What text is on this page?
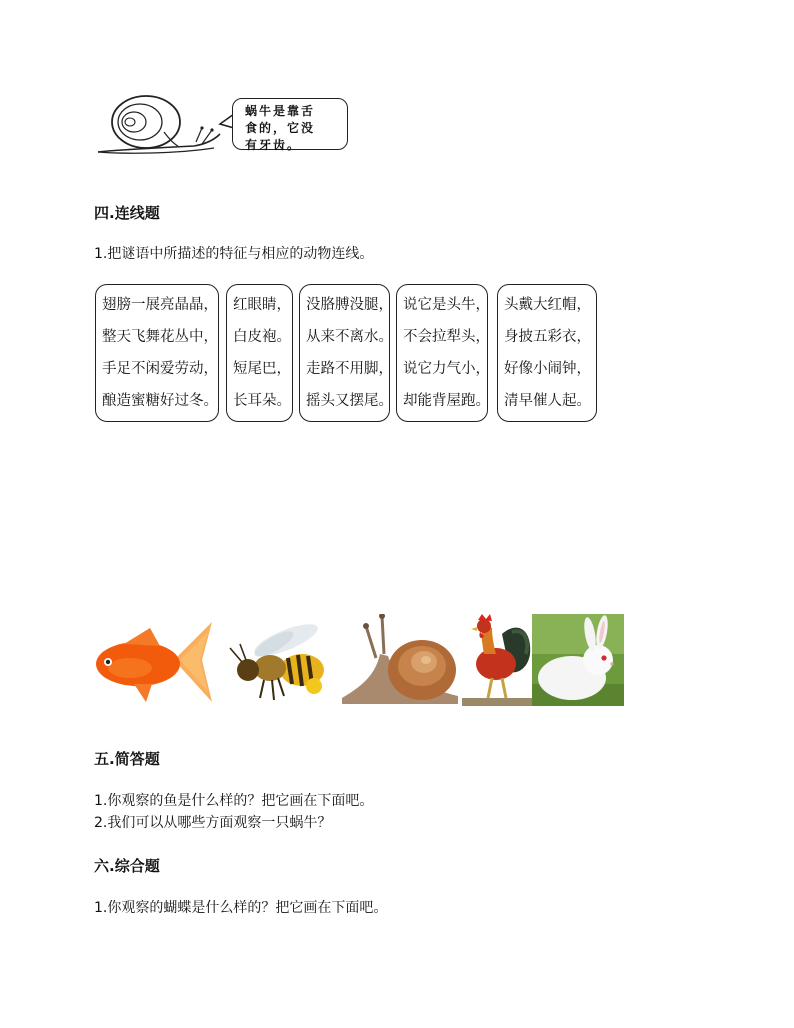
蜗牛是靠舌
食的，它没
有牙齿。
四.连线题
1.把谜语中所描述的特征与相应的动物连线。
翅膀一展亮晶晶，
整天飞舞花丛中，
手足不闲爱劳动，
酿造蜜糖好过冬。
红眼睛，
白皮袍。
短尾巴，
长耳朵。
没胳膊没腿，
从来不离水。
走路不用脚，
摇头又摆尾。
说它是头牛，
不会拉犁头，
说它力气小，
却能背屋跑。
头戴大红帽，
身披五彩衣，
好像小闹钟，
清早催人起。
五.简答题
1.你观察的鱼是什么样的？把它画在下面吧。
2.我们可以从哪些方面观察一只蜗牛？
六.综合题
1.你观察的蝴蝶是什么样的？把它画在下面吧。
